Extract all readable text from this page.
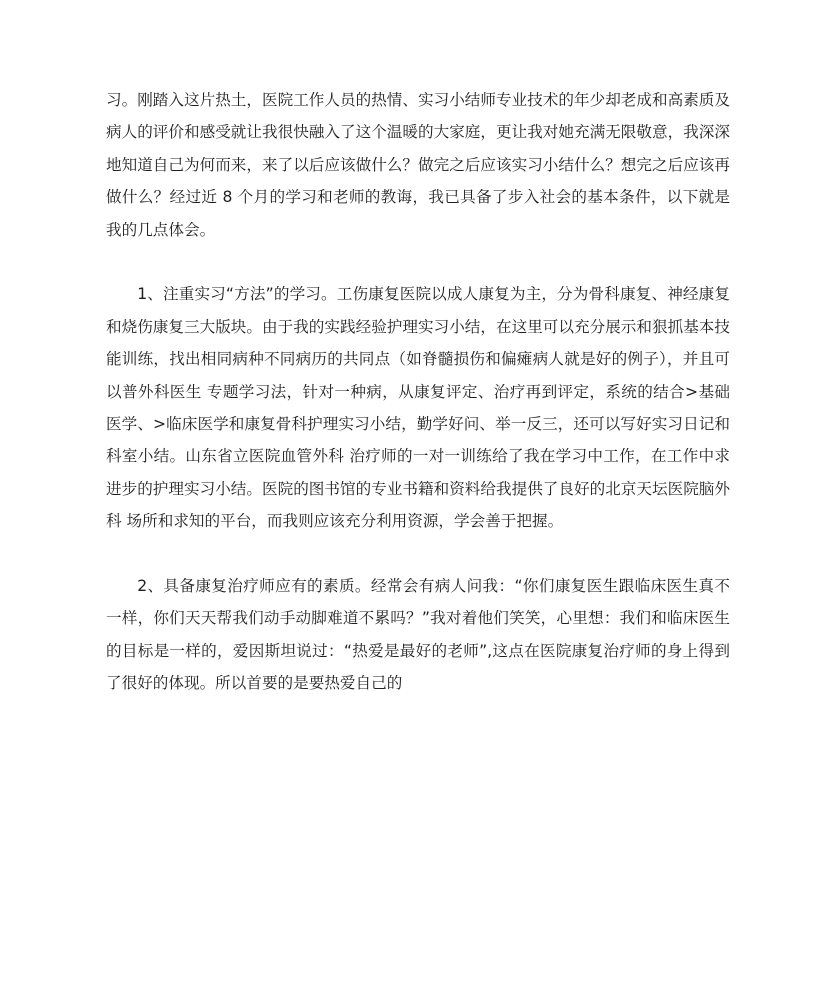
习。刚踏入这片热土，医院工作人员的热情、实习小结师专业技术的年少却老成和高素质及病人的评价和感受就让我很快融入了这个温暖的大家庭，更让我对她充满无限敬意，我深深地知道自己为何而来，来了以后应该做什么？做完之后应该实习小结什么？想完之后应该再做什么？经过近 8 个月的学习和老师的教诲，我已具备了步入社会的基本条件，以下就是我的几点体会。

1、注重实习“方法”的学习。工伤康复医院以成人康复为主，分为骨科康复、神经康复和烧伤康复三大版块。由于我的实践经验护理实习小结，在这里可以充分展示和狠抓基本技能训练，找出相同病种不同病历的共同点（如脊髓损伤和偏瘫病人就是好的例子），并且可以普外科医生 专题学习法，针对一种病，从康复评定、治疗再到评定，系统的结合>基础医学、>临床医学和康复骨科护理实习小结，勤学好问、举一反三，还可以写好实习日记和科室小结。山东省立医院血管外科 治疗师的一对一训练给了我在学习中工作，在工作中求进步的护理实习小结。医院的图书馆的专业书籍和资料给我提供了良好的北京天坛医院脑外科 场所和求知的平台，而我则应该充分利用资源，学会善于把握。

2、具备康复治疗师应有的素质。经常会有病人问我：“你们康复医生跟临床医生真不一样，你们天天帮我们动手动脚难道不累吗？”我对着他们笑笑，心里想：我们和临床医生的目标是一样的，爱因斯坦说过：“热爱是最好的老师”,这点在医院康复治疗师的身上得到了很好的体现。所以首要的是要热爱自己的
